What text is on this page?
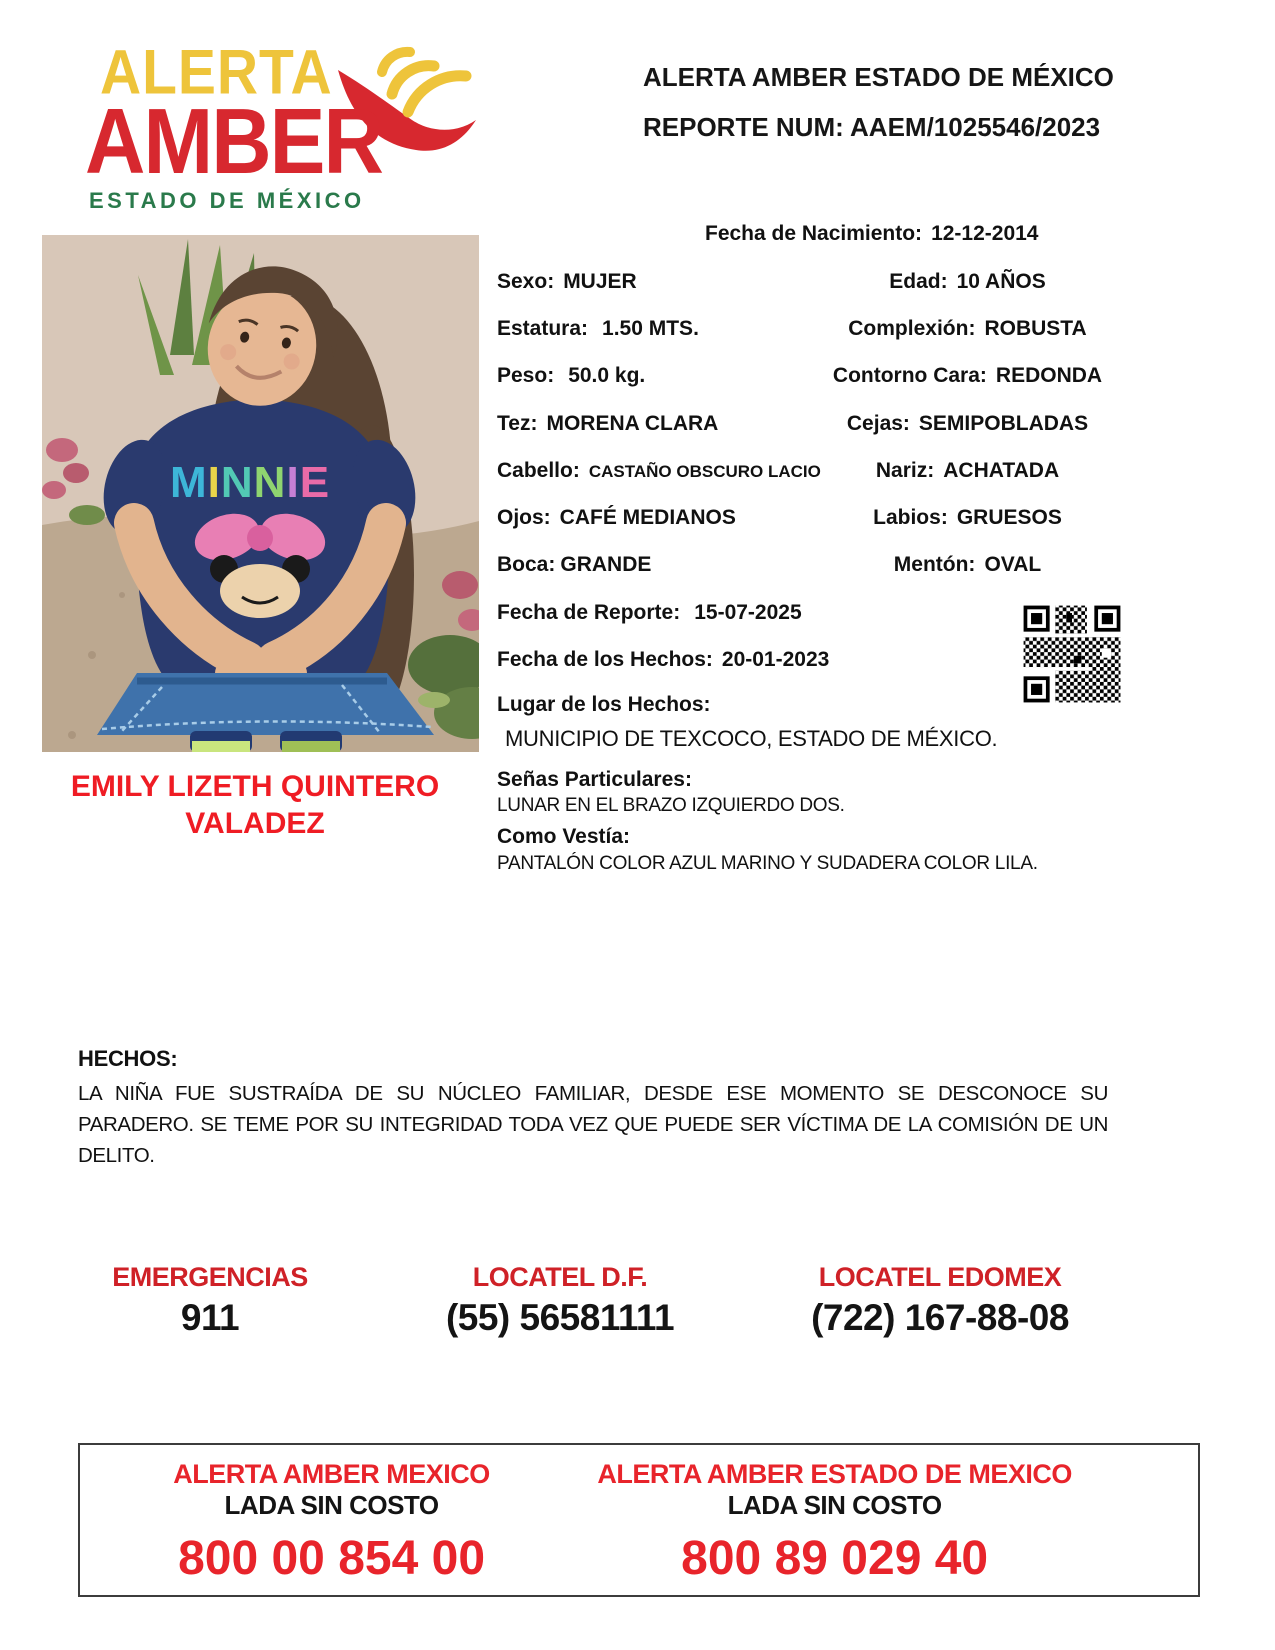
ALERTA
AMBER
ESTADO DE MÉXICO
ALERTA AMBER ESTADO DE MÉXICO
REPORTE NUM: AAEM/1025546/2023
MINNIE
EMILY LIZETH QUINTERO
VALADEZ
Fecha de Nacimiento: 12-12-2014
Sexo: MUJER	Edad: 10 AÑOS
Estatura: 1.50 MTS.	Complexión: ROBUSTA
Peso: 50.0 kg.	Contorno Cara: REDONDA
Tez: MORENA CLARA	Cejas: SEMIPOBLADAS
Cabello: CASTAÑO OBSCURO LACIO	Nariz: ACHATADA
Ojos: CAFÉ MEDIANOS	Labios: GRUESOS
Boca: GRANDE	Mentón: OVAL
Fecha de Reporte: 15-07-2025
Fecha de los Hechos: 20-01-2023
Lugar de los Hechos:
MUNICIPIO DE TEXCOCO, ESTADO DE MÉXICO.
Señas Particulares:
LUNAR EN EL BRAZO IZQUIERDO DOS.
Como Vestía:
PANTALÓN COLOR AZUL MARINO Y SUDADERA COLOR LILA.
HECHOS:
LA NIÑA FUE SUSTRAÍDA DE SU NÚCLEO FAMILIAR, DESDE ESE MOMENTO SE DESCONOCE SU PARADERO. SE TEME POR SU INTEGRIDAD TODA VEZ QUE PUEDE SER VÍCTIMA DE LA COMISIÓN DE UN DELITO.
EMERGENCIAS
911
LOCATEL D.F.
(55) 56581111
LOCATEL EDOMEX
(722) 167-88-08
ALERTA AMBER MEXICO
LADA SIN COSTO
800 00 854 00
ALERTA AMBER ESTADO DE MEXICO
LADA SIN COSTO
800 89 029 40
